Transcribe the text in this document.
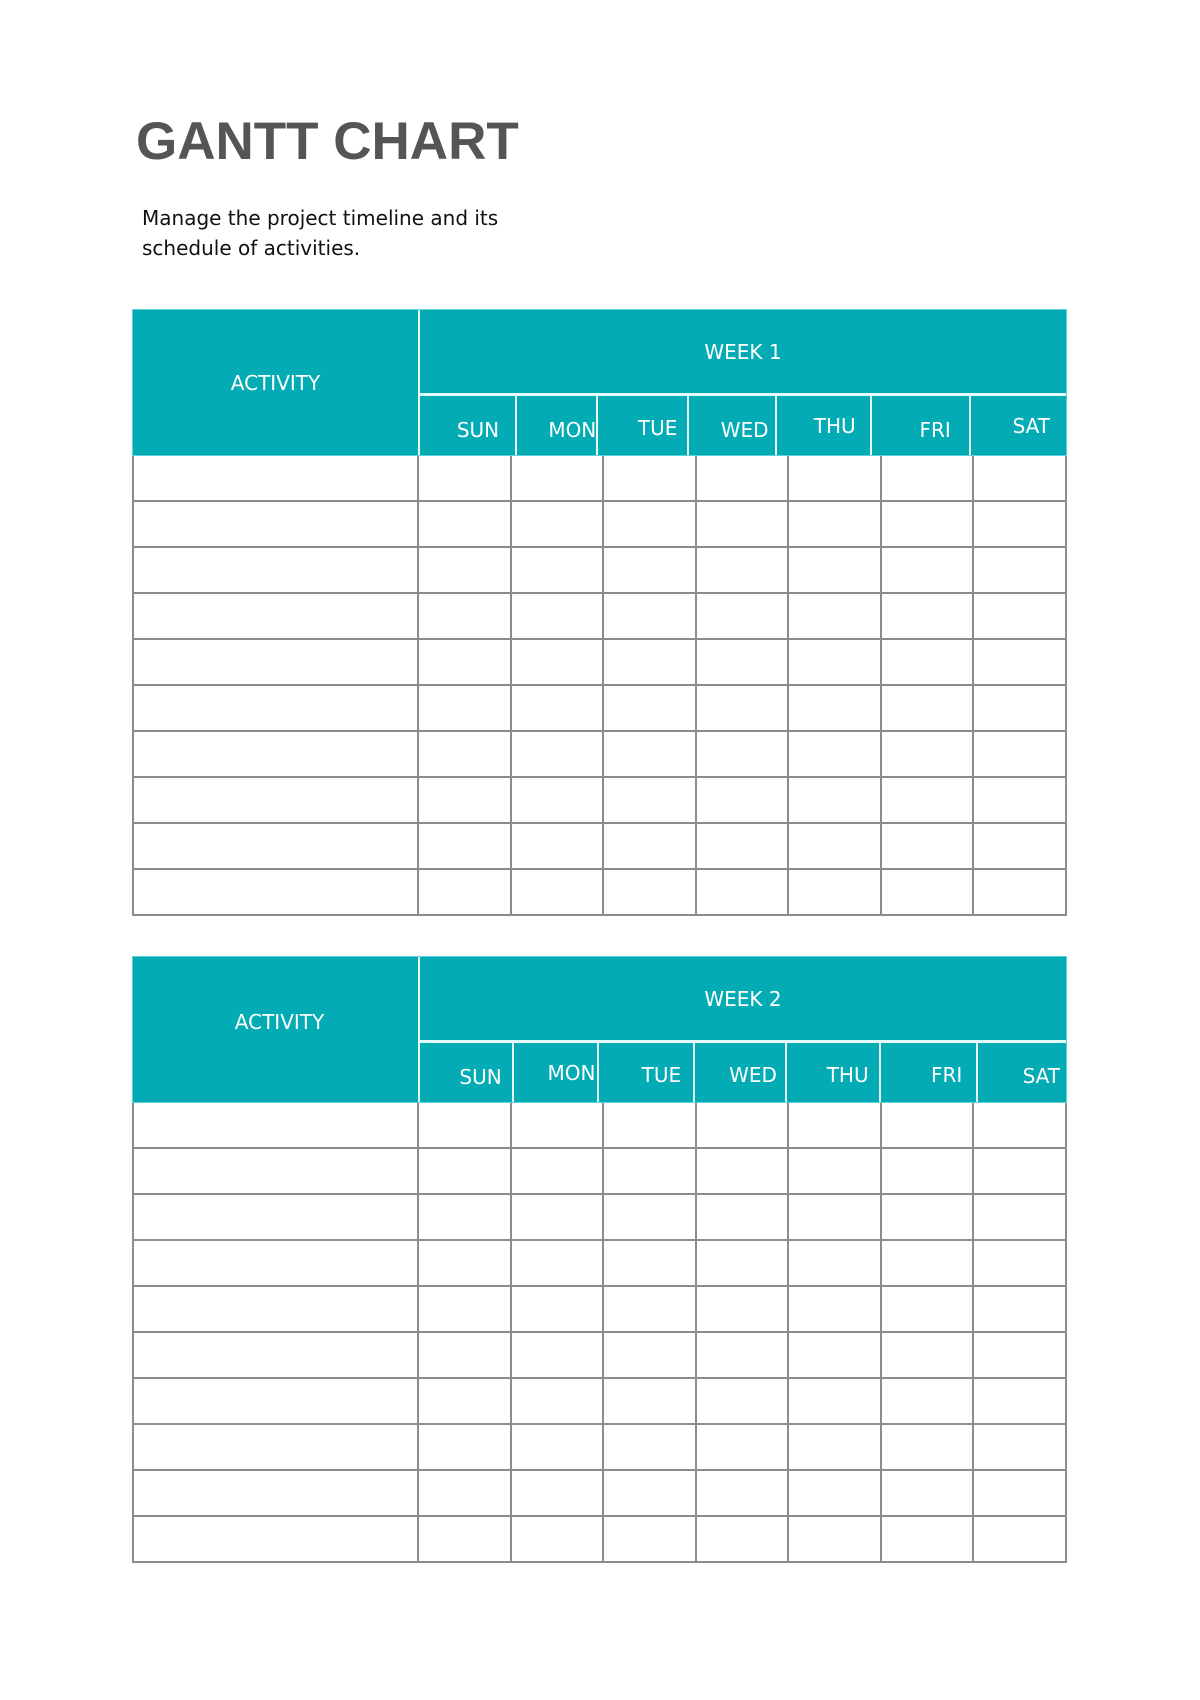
GANTT CHART

Manage the project timeline and its schedule of activities.

ACTIVITY
WEEK 1
SUN	MON	TUE	WED	THU	FRI	SAT
ACTIVITY
WEEK 2
SUN	MON	TUE	WED	THU	FRI	SAT
